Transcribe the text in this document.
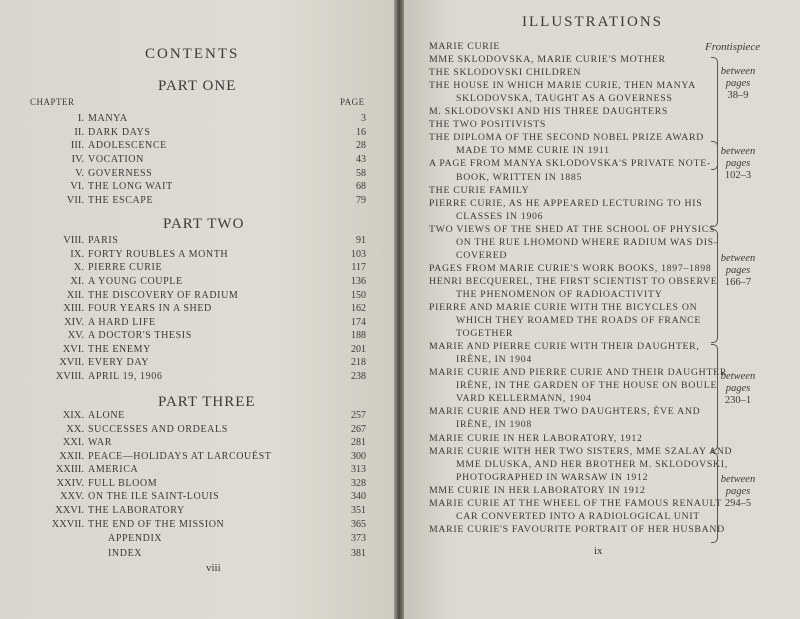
CONTENTS
PART ONE
CHAPTER	PAGE
PART TWO
PART THREE
I. MANYA	3
II. DARK DAYS	16
III. ADOLESCENCE	28
IV. VOCATION	43
V. GOVERNESS	58
VI. THE LONG WAIT	68
VII. THE ESCAPE	79
VIII. PARIS	91
IX. FORTY ROUBLES A MONTH	103
X. PIERRE CURIE	117
XI. A YOUNG COUPLE	136
XII. THE DISCOVERY OF RADIUM	150
XIII. FOUR YEARS IN A SHED	162
XIV. A HARD LIFE	174
XV. A DOCTOR'S THESIS	188
XVI. THE ENEMY	201
XVII. EVERY DAY	218
XVIII. APRIL 19, 1906	238
XIX. ALONE	257
XX. SUCCESSES AND ORDEALS	267
XXI. WAR	281
XXII. PEACE—HOLIDAYS AT LARCOUËST	300
XXIII. AMERICA	313
XXIV. FULL BLOOM	328
XXV. ON THE ILE SAINT-LOUIS	340
XXVI. THE LABORATORY	351
XXVII. THE END OF THE MISSION	365
APPENDIX	373
INDEX	381
viii
ILLUSTRATIONS
Frontispiece
MARIE CURIE
MME SKLODOVSKA, MARIE CURIE'S MOTHER
THE SKLODOVSKI CHILDREN
THE HOUSE IN WHICH MARIE CURIE, THEN MANYA
SKLODOVSKA, TAUGHT AS A GOVERNESS
M. SKLODOVSKI AND HIS THREE DAUGHTERS
THE TWO POSITIVISTS
THE DIPLOMA OF THE SECOND NOBEL PRIZE AWARD
MADE TO MME CURIE IN 1911
A PAGE FROM MANYA SKLODOVSKA'S PRIVATE NOTE-
BOOK, WRITTEN IN 1885
THE CURIE FAMILY
PIERRE CURIE, AS HE APPEARED LECTURING TO HIS
CLASSES IN 1906
TWO VIEWS OF THE SHED AT THE SCHOOL OF PHYSICS
ON THE RUE LHOMOND WHERE RADIUM WAS DIS-
COVERED
PAGES FROM MARIE CURIE'S WORK BOOKS, 1897–1898
HENRI BECQUEREL, THE FIRST SCIENTIST TO OBSERVE
THE PHENOMENON OF RADIOACTIVITY
PIERRE AND MARIE CURIE WITH THE BICYCLES ON
WHICH THEY ROAMED THE ROADS OF FRANCE
TOGETHER
MARIE AND PIERRE CURIE WITH THEIR DAUGHTER,
IRÈNE, IN 1904
MARIE CURIE AND PIERRE CURIE AND THEIR DAUGHTER
IRÈNE, IN THE GARDEN OF THE HOUSE ON BOULE
VARD KELLERMANN, 1904
MARIE CURIE AND HER TWO DAUGHTERS, ÈVE AND
IRÈNE, IN 1908
MARIE CURIE IN HER LABORATORY, 1912
MARIE CURIE WITH HER TWO SISTERS, MME SZALAY AND
MME DLUSKA, AND HER BROTHER M. SKLODOVSKI,
PHOTOGRAPHED IN WARSAW IN 1912
MME CURIE IN HER LABORATORY IN 1912
MARIE CURIE AT THE WHEEL OF THE FAMOUS RENAULT
CAR CONVERTED INTO A RADIOLOGICAL UNIT
MARIE CURIE'S FAVOURITE PORTRAIT OF HER HUSBAND
between
pages
38–9
between
pages
102–3
between
pages
166–7
between
pages
230–1
between
pages
294–5
ix
